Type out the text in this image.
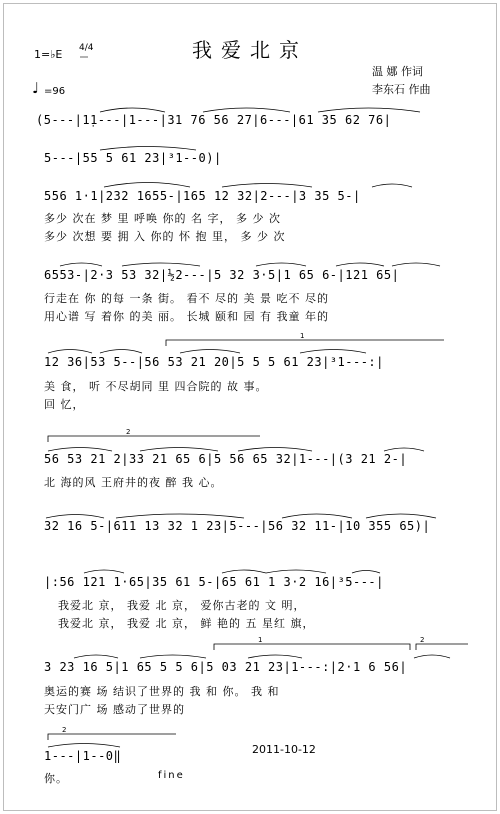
我爱北京
温 娜 作词
李东石 作曲
1=♭E 4/4
♩ =96
(5---|1̣1---|1---|31 76 56 27|6---|61 35 62 76|
5---|55 5 61 23|³1--0)|
556 1·1|232 1655-|165 12 32|2---|3 35 5-|
多少 次在 梦 里 呼唤 你的 名 字， 多 少 次
多少 次想 要 拥 入 你的 怀 抱 里， 多 少 次
6553-|2·3 53 32|½2---|5 32 3·5|1 65 6-|121 65|
行走在 你 的每 一条 街。 看不 尽的 美 景 吃不 尽的
用心谱 写 着你 的美 丽。 长城 颐和 园 有 我童 年的
12 36|53 5--|56 53 21 20|5 5 5 61 23|³1---:|
美 食， 听 不尽胡同 里 四合院的 故 事。
回 忆，
56 53 21 2|33 21 65 6|5 56 65 32|1---|(3 21 2-|
北 海的风 王府井的夜 醉 我 心。
32 16 5-|611 13 32 1 23|5---|56 32 11-|10 355 65)|
|:56 121 1·65|35 61 5-|65 61 1 3·2 16|³5---|
我爱北 京， 我爱 北 京， 爱你古老的 文 明，
我爱北 京， 我爱 北 京， 鲜 艳的 五 星红 旗，
3 23 16 5|1 65 5 5 6|5 03 21 23|1---:|2·1 6 56|
奥运的赛 场 结识了世界的 我 和 你。 我 和
天安门广 场 感动了世界的
1---|1--0‖
你。
2011-10-12
fine
1
2
1	2
2
